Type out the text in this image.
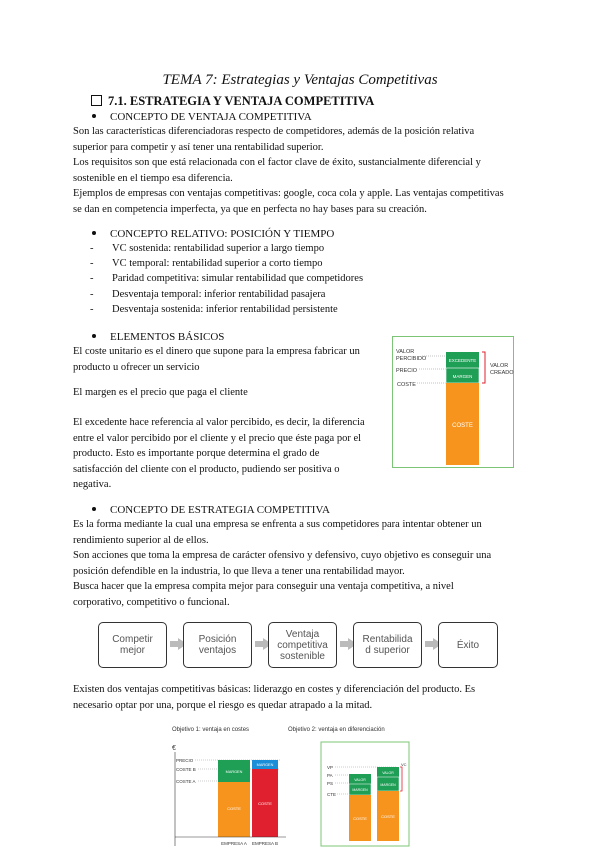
TEMA 7: Estrategias y Ventajas Competitivas
7.1. ESTRATEGIA Y VENTAJA COMPETITIVA
CONCEPTO DE VENTAJA COMPETITIVA
Son las características diferenciadoras respecto de competidores, además de la posición relativa
superior para competir y así tener una rentabilidad superior.
Los requisitos son que está relacionada con el factor clave de éxito, sustancialmente diferencial y
sostenible en el tiempo esa diferencia.
Ejemplos de empresas con ventajas competitivas: google, coca cola y apple. Las ventajas competitivas
se dan en competencia imperfecta, ya que en perfecta no hay bases para su creación.
CONCEPTO RELATIVO: POSICIÓN Y TIEMPO
- VC sostenida: rentabilidad superior a largo tiempo
- VC temporal: rentabilidad superior a corto tiempo
- Paridad competitiva: simular rentabilidad que competidores
- Desventaja temporal: inferior rentabilidad pasajera
- Desventaja sostenida: inferior rentabilidad persistente
ELEMENTOS BÁSICOS
El coste unitario es el dinero que supone para la empresa fabricar un
producto u ofrecer un servicio
El margen es el precio que paga el cliente
El excedente hace referencia al valor percibido, es decir, la diferencia
entre el valor percibido por el cliente y el precio que éste paga por el
producto. Esto es importante porque determina el grado de
satisfacción del cliente con el producto, pudiendo ser positiva o
negativa.
VALOR
PERCIBIDO
PRECIO
COSTE
EXCEDENTE
MARGEN
COSTE
VALOR
CREADO
CONCEPTO DE ESTRATEGIA COMPETITIVA
Es la forma mediante la cual una empresa se enfrenta a sus competidores para intentar obtener un
rendimiento superior al de ellos.
Son acciones que toma la empresa de carácter ofensivo y defensivo, cuyo objetivo es conseguir una
posición defendible en la industria, lo que lleva a tener una rentabilidad mayor.
Busca hacer que la empresa compita mejor para conseguir una ventaja competitiva, a nivel
corporativo, competitivo o funcional.
Competir
mejor
Posición
ventajos
Ventaja
competitiva
sostenible
Rentabilida
d superior	Éxito
Existen dos ventajas competitivas básicas: liderazgo en costes y diferenciación del producto. Es
necesario optar por una, porque el riesgo es quedar atrapado a la mitad.
Objetivo 1: ventaja en costes
€
PRECIO
COSTE B
COSTE A
MARGEN
COSTE
MARGEN
COSTE
EMPRESA A EMPRESA B
Objetivo 2: ventaja en diferenciación
VP
PA
PS
CTE
VC
VALOR
MARGEN
COSTE
VALOR
MARGEN
COSTE
